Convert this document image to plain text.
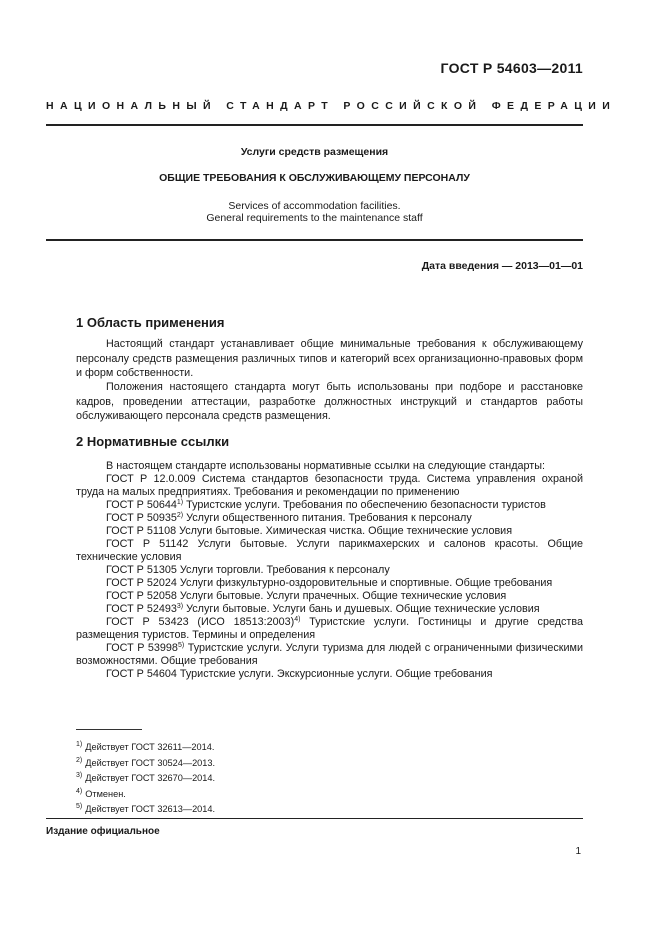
ГОСТ Р 54603—2011
НАЦИОНАЛЬНЫЙ СТАНДАРТ РОССИЙСКОЙ ФЕДЕРАЦИИ
Услуги средств размещения
ОБЩИЕ ТРЕБОВАНИЯ К ОБСЛУЖИВАЮЩЕМУ ПЕРСОНАЛУ
Services of accommodation facilities.
General requirements to the maintenance staff
Дата введения — 2013—01—01
1 Область применения
Настоящий стандарт устанавливает общие минимальные требования к обслуживающему персоналу средств размещения различных типов и категорий всех организационно-правовых форм и форм собственности.
Положения настоящего стандарта могут быть использованы при подборе и расстановке кадров, проведении аттестации, разработке должностных инструкций и стандартов работы обслуживающего персонала средств размещения.
2 Нормативные ссылки
В настоящем стандарте использованы нормативные ссылки на следующие стандарты:
ГОСТ Р 12.0.009 Система стандартов безопасности труда. Система управления охраной труда на малых предприятиях. Требования и рекомендации по применению
ГОСТ Р 50644$^{1)}$ Туристские услуги. Требования по обеспечению безопасности туристов
ГОСТ Р 50935$^{2)}$ Услуги общественного питания. Требования к персоналу
ГОСТ Р 51108 Услуги бытовые. Химическая чистка. Общие технические условия
ГОСТ Р 51142 Услуги бытовые. Услуги парикмахерских и салонов красоты. Общие технические условия
ГОСТ Р 51305 Услуги торговли. Требования к персоналу
ГОСТ Р 52024 Услуги физкультурно-оздоровительные и спортивные. Общие требования
ГОСТ Р 52058 Услуги бытовые. Услуги прачечных. Общие технические условия
ГОСТ Р 52493$^{3)}$ Услуги бытовые. Услуги бань и душевых. Общие технические условия
ГОСТ Р 53423 (ИСО 18513:2003)$^{4)}$ Туристские услуги. Гостиницы и другие средства размещения туристов. Термины и определения
ГОСТ Р 53998$^{5)}$ Туристские услуги. Услуги туризма для людей с ограниченными физическими возможностями. Общие требования
ГОСТ Р 54604 Туристские услуги. Экскурсионные услуги. Общие требования
$^{1)}$ Действует ГОСТ 32611—2014.
$^{2)}$ Действует ГОСТ 30524—2013.
$^{3)}$ Действует ГОСТ 32670—2014.
$^{4)}$ Отменен.
$^{5)}$ Действует ГОСТ 32613—2014.
Издание официальное
1
